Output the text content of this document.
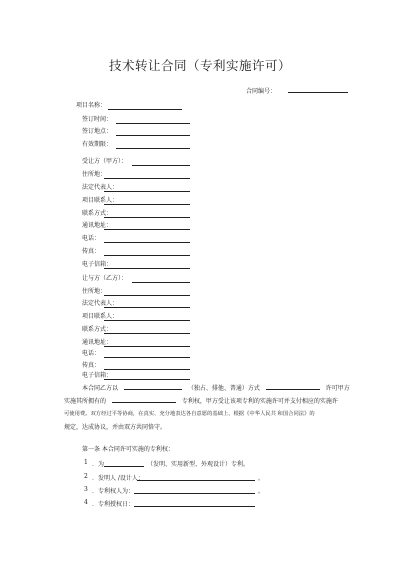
技术转让合同（专利实施许可）
合同编号：
本合同乙方以	（独占、排他、普通）方式	许可甲方
实施其所拥有的	专利权，甲方受让该项专利的实施许可并支付相应的实施许
可使用费。双方经过平等协商，在真实、充分地表达各自意愿的基础上，根据《中华人民共 和国合同法》的
规定，达成协议，并由双方共同恪守。
第一条 本合同许可实施的专利权：
项目名称：
签订时间：
签订地点：
有效期限：
受让方（甲方）：
住所地：
法定代表人：
项目联系人：
联系方式：
通讯地址：
电话：
传真：
电子信箱：
让与方（乙方）：
住所地：
法定代表人：
项目联系人：
联系方式：
通讯地址：
电话：
传真：
电子信箱：
1 ．为	（发明、实用新型、外观设计）专利。
2 ．发明人 /设计人：	。
3 ．专利权人为：	。
4 ．专利授权日：
